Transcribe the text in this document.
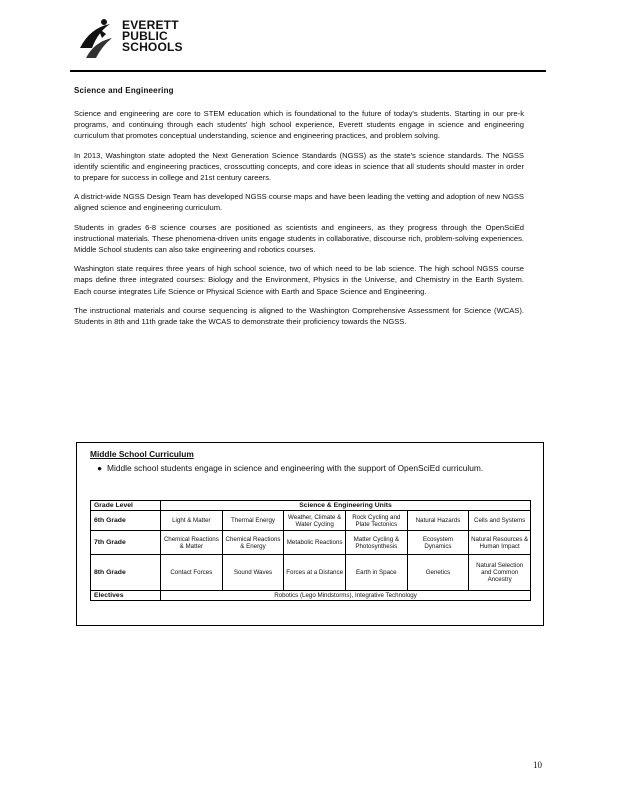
EVERETT
PUBLIC
SCHOOLS
Science and Engineering

Science and engineering are core to STEM education which is foundational to the future of today's students. Starting in our pre-k programs, and continuing through each students' high school experience, Everett students engage in science and engineering curriculum that promotes conceptual understanding, science and engineering practices, and problem solving.

In 2013, Washington state adopted the Next Generation Science Standards (NGSS) as the state's science standards. The NGSS identify scientific and engineering practices, crosscutting concepts, and core ideas in science that all students should master in order to prepare for success in college and 21st century careers.

A district-wide NGSS Design Team has developed NGSS course maps and have been leading the vetting and adoption of new NGSS aligned science and engineering curriculum.

Students in grades 6-8 science courses are positioned as scientists and engineers, as they progress through the OpenSciEd instructional materials. These phenomena-driven units engage students in collaborative, discourse rich, problem-solving experiences. Middle School students can also take engineering and robotics courses.

Washington state requires three years of high school science, two of which need to be lab science. The high school NGSS course maps define three integrated courses: Biology and the Environment, Physics in the Universe, and Chemistry in the Earth System. Each course integrates Life Science or Physical Science with Earth and Space Science and Engineering.

The instructional materials and course sequencing is aligned to the Washington Comprehensive Assessment for Science (WCAS). Students in 8th and 11th grade take the WCAS to demonstrate their proficiency towards the NGSS.

Middle School Curriculum
● Middle school students engage in science and engineering with the support of OpenSciEd curriculum.
Grade Level	Science & Engineering Units					
6th Grade	Light & Matter	Thermal Energy	Weather, Climate & Water Cycling	Rock Cycling and Plate Tectonics	Natural Hazards	Cells and Systems
7th Grade	Chemical Reactions & Matter	Chemical Reactions & Energy	Metabolic Reactions	Matter Cycling & Photosynthesis	Ecosystem Dynamics	Natural Resources & Human Impact
8th Grade	Contact Forces	Sound Waves	Forces at a Distance	Earth in Space	Genetics	Natural Selection and Common Ancestry
Electives	Robotics (Lego Mindstorms), Integrative Technology					
10
